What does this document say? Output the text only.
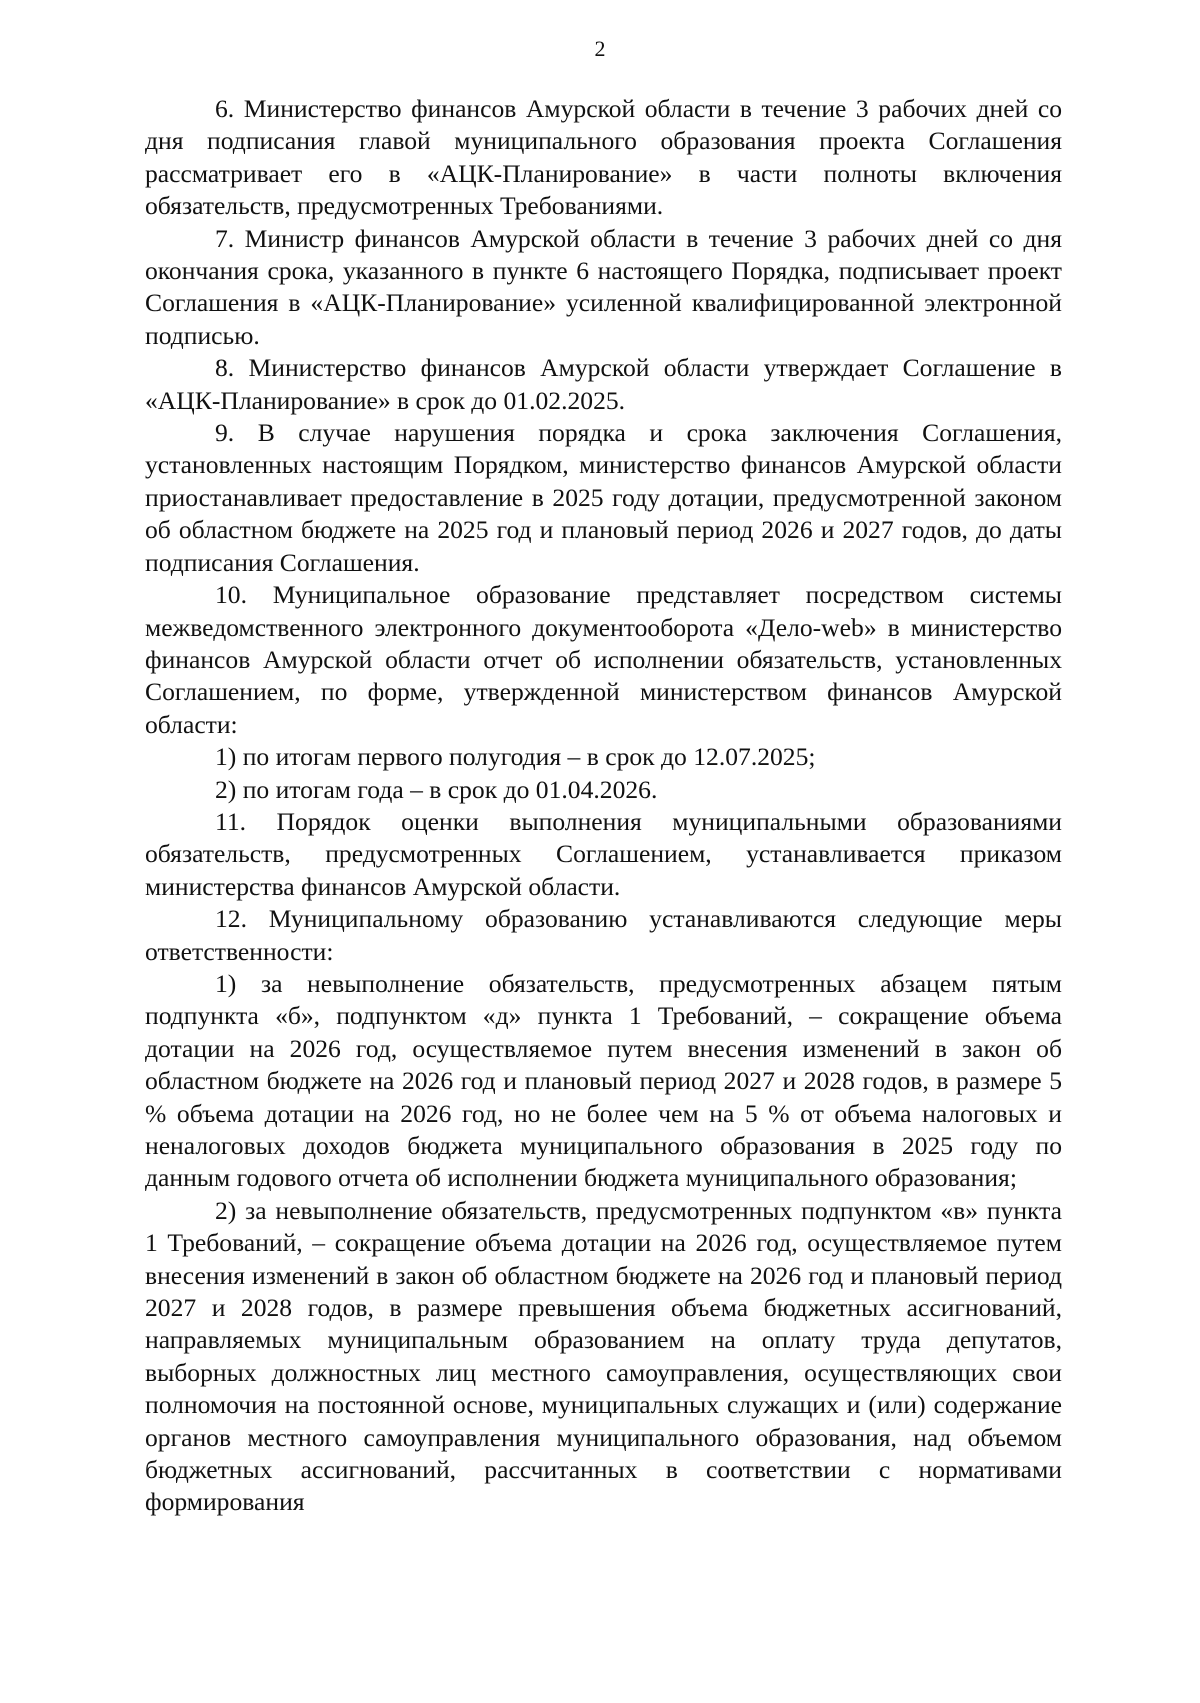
2

6. Министерство финансов Амурской области в течение 3 рабочих дней со дня подписания главой муниципального образования проекта Соглашения рассматривает его в «АЦК-Планирование» в части полноты включения обязательств, предусмотренных Требованиями.

7. Министр финансов Амурской области в течение 3 рабочих дней со дня окончания срока, указанного в пункте 6 настоящего Порядка, подписывает проект Соглашения в «АЦК-Планирование» усиленной квалифицированной электронной подписью.

8. Министерство финансов Амурской области утверждает Соглашение в «АЦК-Планирование» в срок до 01.02.2025.

9. В случае нарушения порядка и срока заключения Соглашения, установленных настоящим Порядком, министерство финансов Амурской области приостанавливает предоставление в 2025 году дотации, предусмотренной законом об областном бюджете на 2025 год и плановый период 2026 и 2027 годов, до даты подписания Соглашения.

10. Муниципальное образование представляет посредством системы межведомственного электронного документооборота «Дело-web» в министерство финансов Амурской области отчет об исполнении обязательств, установленных Соглашением, по форме, утвержденной министерством финансов Амурской области:

1) по итогам первого полугодия – в срок до 12.07.2025;

2) по итогам года – в срок до 01.04.2026.

11. Порядок оценки выполнения муниципальными образованиями обязательств, предусмотренных Соглашением, устанавливается приказом министерства финансов Амурской области.

12. Муниципальному образованию устанавливаются следующие меры ответственности:

1) за невыполнение обязательств, предусмотренных абзацем пятым подпункта «б», подпунктом «д» пункта 1 Требований, – сокращение объема дотации на 2026 год, осуществляемое путем внесения изменений в закон об областном бюджете на 2026 год и плановый период 2027 и 2028 годов, в размере 5 % объема дотации на 2026 год, но не более чем на 5 % от объема налоговых и неналоговых доходов бюджета муниципального образования в 2025 году по данным годового отчета об исполнении бюджета муниципального образования;

2) за невыполнение обязательств, предусмотренных подпунктом «в» пункта 1 Требований, – сокращение объема дотации на 2026 год, осуществляемое путем внесения изменений в закон об областном бюджете на 2026 год и плановый период 2027 и 2028 годов, в размере превышения объема бюджетных ассигнований, направляемых муниципальным образованием на оплату труда депутатов, выборных должностных лиц местного самоуправления, осуществляющих свои полномочия на постоянной основе, муниципальных служащих и (или) содержание органов местного самоуправления муниципального образования, над объемом бюджетных ассигнований, рассчитанных в соответствии с нормативами формирования
